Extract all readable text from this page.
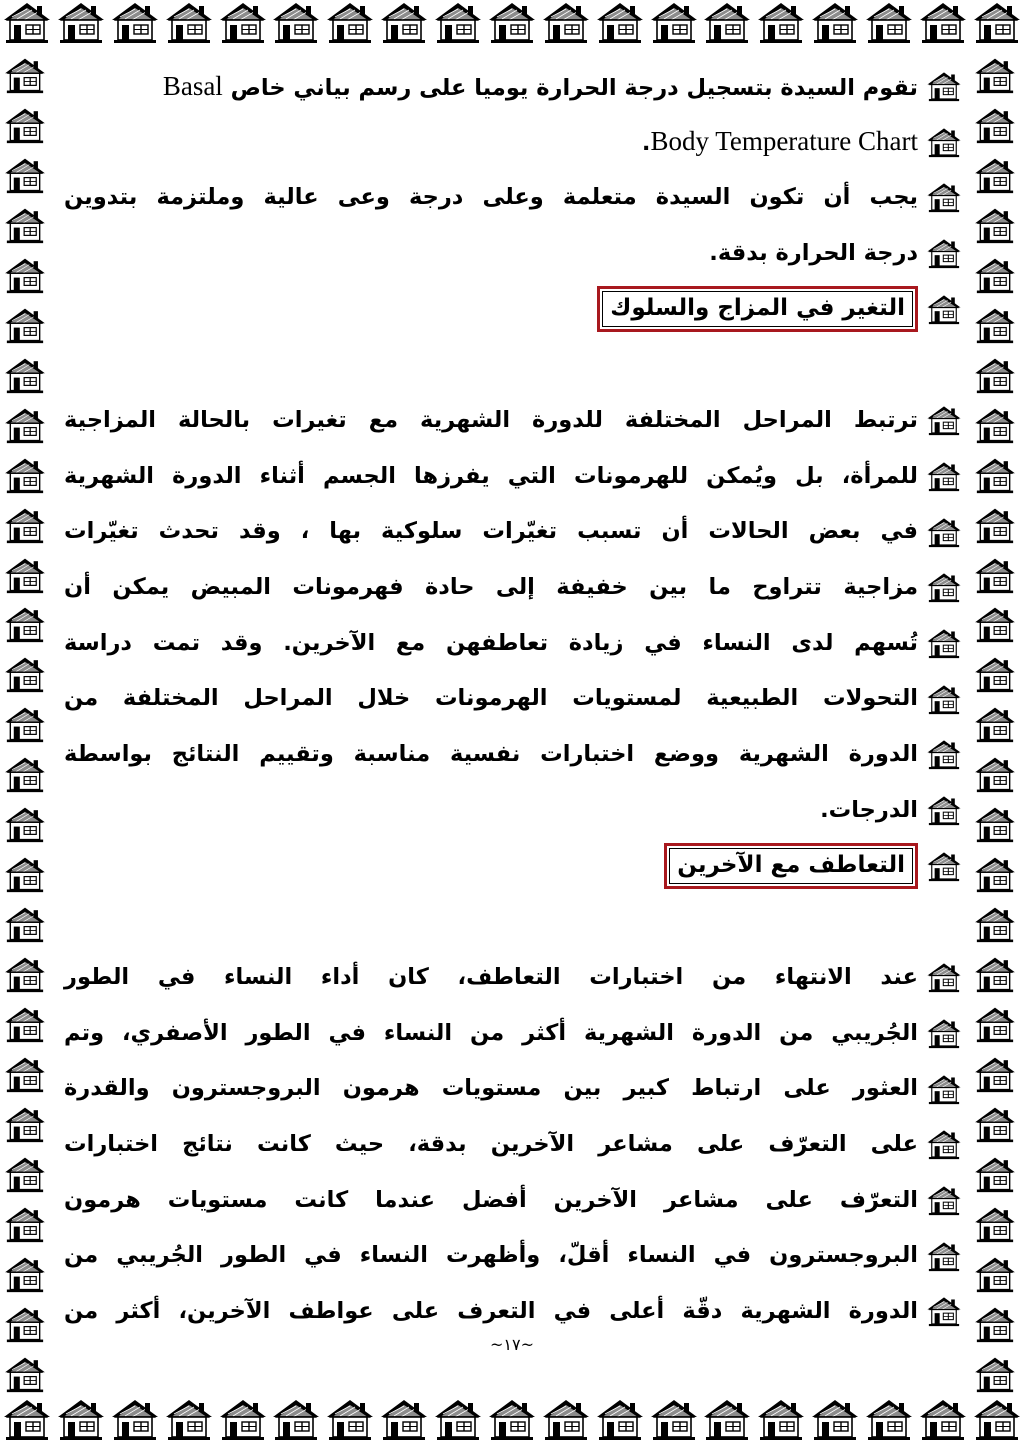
تقوم السيدة بتسجيل درجة الحرارة يوميا على رسم بياني خاص Basal
Body Temperature Chart.
يجب أن تكون السيدة متعلمة وعلى درجة وعى عالية وملتزمة بتدوين
درجة الحرارة بدقة.
التغير في المزاج والسلوك
ترتبط المراحل المختلفة للدورة الشهرية مع تغيرات بالحالة المزاجية
للمرأة، بل ويُمكن للهرمونات التي يفرزها الجسم أثناء الدورة الشهرية
في بعض الحالات أن تسبب تغيّرات سلوكية بها ، وقد تحدث تغيّرات
مزاجية تتراوح ما بين خفيفة إلى حادة فهرمونات المبيض يمكن أن
تُسهم لدى النساء في زيادة تعاطفهن مع الآخرين. وقد تمت دراسة
التحولات الطبيعية لمستويات الهرمونات خلال المراحل المختلفة من
الدورة الشهرية ووضع اختبارات نفسية مناسبة وتقييم النتائج بواسطة
الدرجات.
التعاطف مع الآخرين
عند الانتهاء من اختبارات التعاطف، كان أداء النساء في الطور
الجُريبي من الدورة الشهرية أكثر من النساء في الطور الأصفري، وتم
العثور على ارتباط كبير بين مستويات هرمون البروجسترون والقدرة
على التعرّف على مشاعر الآخرين بدقة، حيث كانت نتائج اختبارات
التعرّف على مشاعر الآخرين أفضل عندما كانت مستويات هرمون
البروجسترون في النساء أقلّ، وأظهرت النساء في الطور الجُريبي من
الدورة الشهرية دقّة أعلى في التعرف على عواطف الآخرين، أكثر من
~١٧~
